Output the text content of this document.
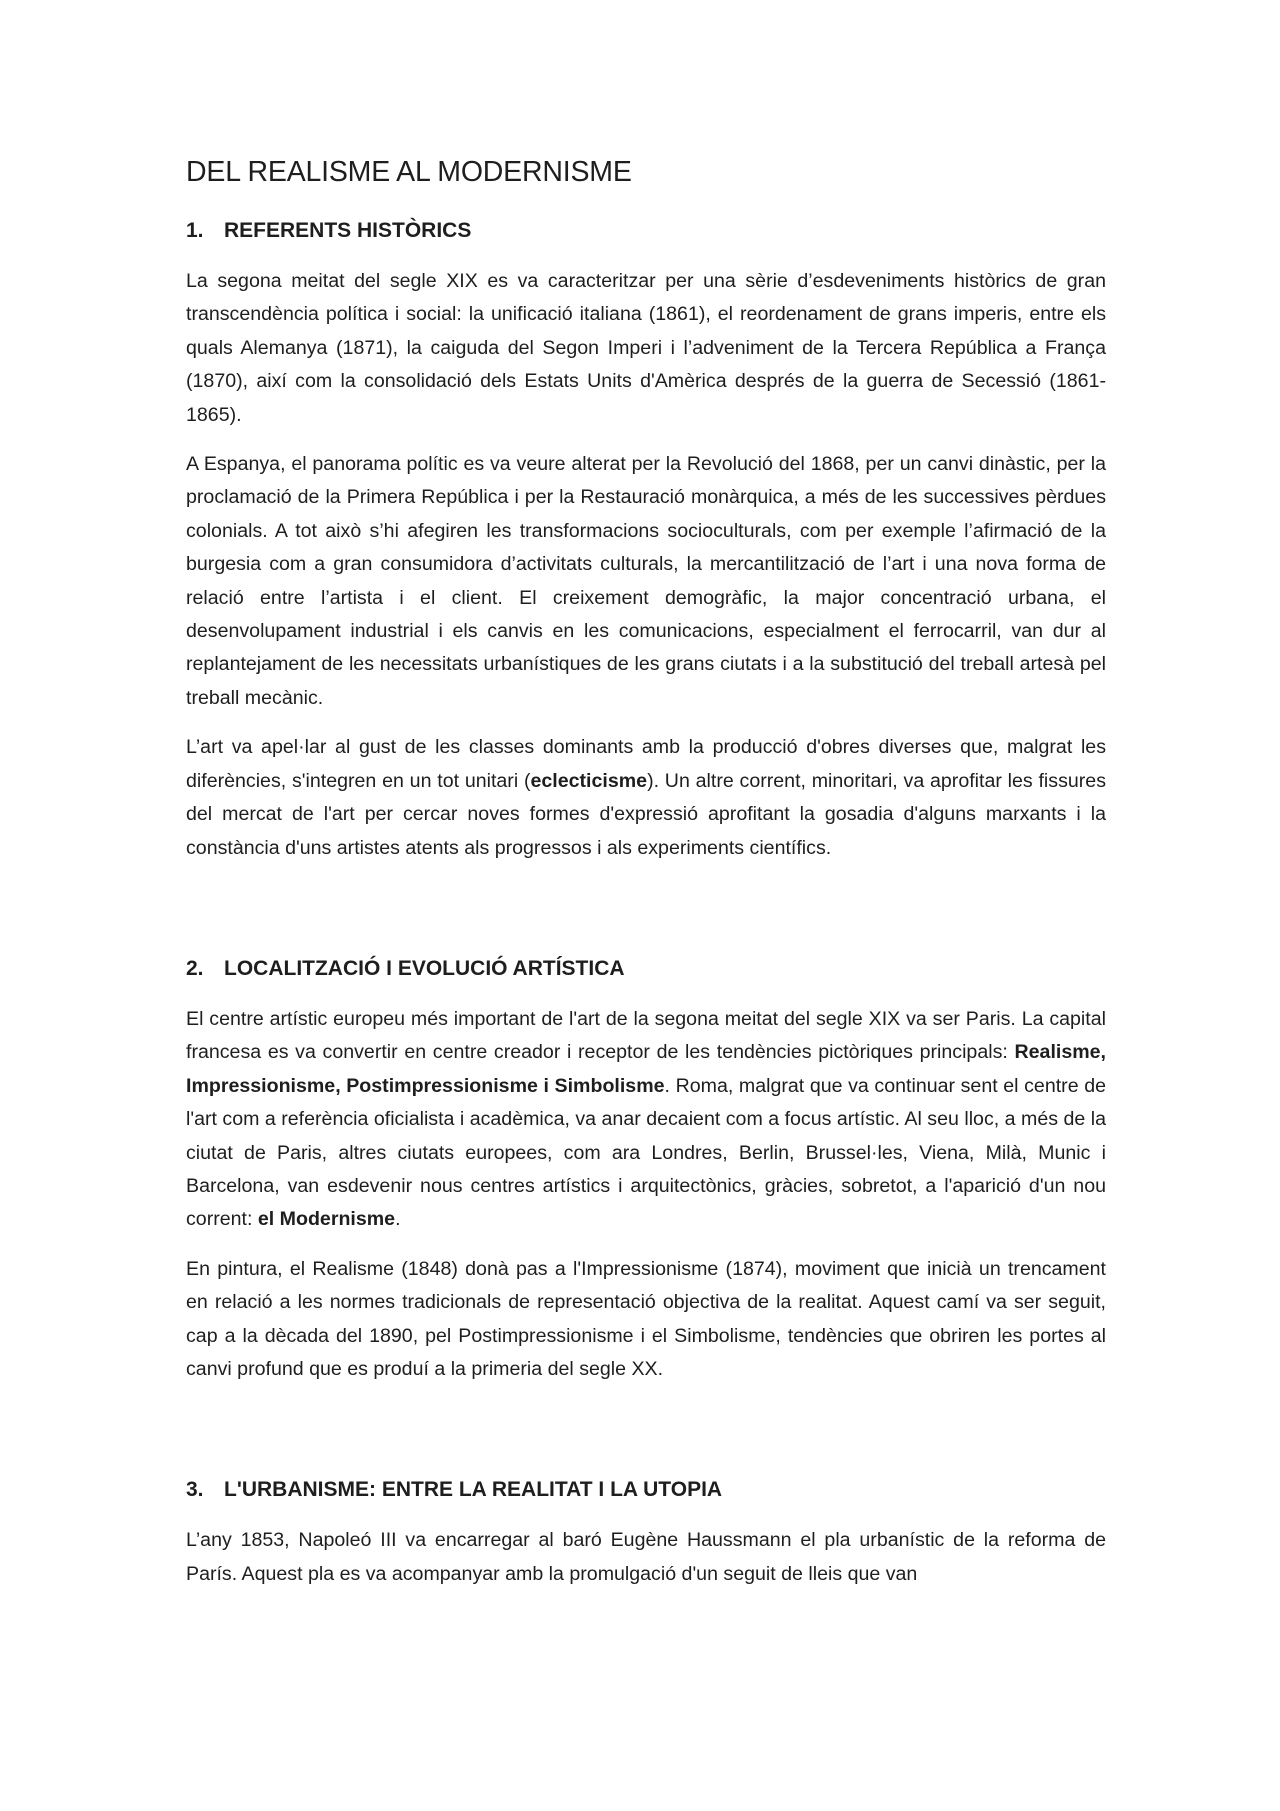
DEL REALISME AL MODERNISME
1. REFERENTS HISTÒRICS

La segona meitat del segle XIX es va caracteritzar per una sèrie d’esdeveniments històrics de gran transcendència política i social: la unificació italiana (1861), el reordenament de grans imperis, entre els quals Alemanya (1871), la caiguda del Segon Imperi i l’adveniment de la Tercera República a França (1870), així com la consolidació dels Estats Units d'Amèrica després de la guerra de Secessió (1861-1865).

A Espanya, el panorama polític es va veure alterat per la Revolució del 1868, per un canvi dinàstic, per la proclamació de la Primera República i per la Restauració monàrquica, a més de les successives pèrdues colonials. A tot això s’hi afegiren les transformacions socioculturals, com per exemple l’afirmació de la burgesia com a gran consumidora d’activitats culturals, la mercantilització de l’art i una nova forma de relació entre l’artista i el client. El creixement demogràfic, la major concentració urbana, el desenvolupament industrial i els canvis en les comunicacions, especialment el ferrocarril, van dur al replantejament de les necessitats urbanístiques de les grans ciutats i a la substitució del treball artesà pel treball mecànic.

L’art va apel·lar al gust de les classes dominants amb la producció d'obres diverses que, malgrat les diferències, s'integren en un tot unitari (eclecticisme). Un altre corrent, minoritari, va aprofitar les fissures del mercat de l'art per cercar noves formes d'expressió aprofitant la gosadia d'alguns marxants i la constància d'uns artistes atents als progressos i als experiments científics.

2. LOCALITZACIÓ I EVOLUCIÓ ARTÍSTICA

El centre artístic europeu més important de l'art de la segona meitat del segle XIX va ser Paris. La capital francesa es va convertir en centre creador i receptor de les tendències pictòriques principals: Realisme, Impressionisme, Postimpressionisme i Simbolisme. Roma, malgrat que va continuar sent el centre de l'art com a referència oficialista i acadèmica, va anar decaient com a focus artístic. Al seu lloc, a més de la ciutat de Paris, altres ciutats europees, com ara Londres, Berlin, Brussel·les, Viena, Milà, Munic i Barcelona, van esdevenir nous centres artístics i arquitectònics, gràcies, sobretot, a l'aparició d'un nou corrent: el Modernisme.

En pintura, el Realisme (1848) donà pas a l'Impressionisme (1874), moviment que inicià un trencament en relació a les normes tradicionals de representació objectiva de la realitat. Aquest camí va ser seguit, cap a la dècada del 1890, pel Postimpressionisme i el Simbolisme, tendències que obriren les portes al canvi profund que es produí a la primeria del segle XX.

3. L'URBANISME: ENTRE LA REALITAT I LA UTOPIA

L’any 1853, Napoleó III va encarregar al baró Eugène Haussmann el pla urbanístic de la reforma de París. Aquest pla es va acompanyar amb la promulgació d'un seguit de lleis que van
